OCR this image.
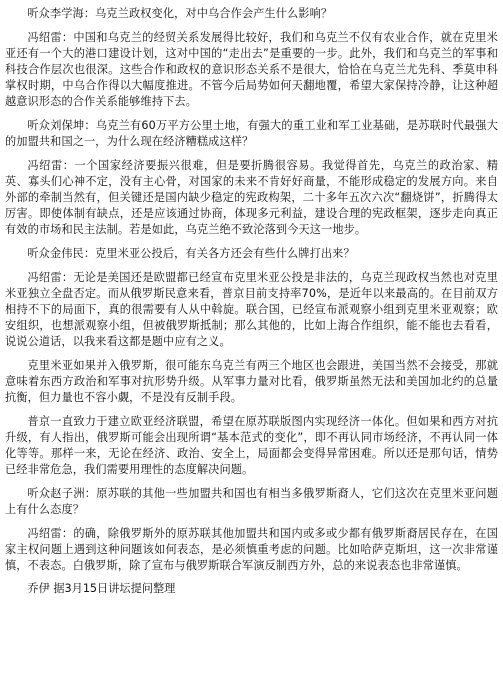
听众李学海：乌克兰政权变化，对中乌合作会产生什么影响？

冯绍雷：中国和乌克兰的经贸关系发展得比较好，我们和乌克兰不仅有农业合作，就在克里米亚还有一个大的港口建设计划，这对中国的“走出去”是重要的一步。此外，我们和乌克兰的军事和科技合作层次也很深。这些合作和政权的意识形态关系不是很大，恰恰在乌克兰尤先科、季莫申科掌权时期，中乌合作得以大幅度推进。不管今后局势如何天翻地覆，希望大家保持冷静，让这种超越意识形态的合作关系能够维持下去。

听众刘保坤：乌克兰有60万平方公里土地，有强大的重工业和军工业基础，是苏联时代最强大的加盟共和国之一，为什么现在经济糟糕成这样？

冯绍雷：一个国家经济要振兴很难，但是要折腾很容易。我觉得首先，乌克兰的政治家、精英、寡头们心神不定，没有主心骨，对国家的未来不肯好好商量，不能形成稳定的发展方向。来自外部的牵制当然有，但关键还是国内缺少稳定的宪政构架，二十多年五次六次“翻烧饼”，折腾得太厉害。即使体制有缺点，还是应该通过协商，体现多元利益，建设合理的宪政框架，逐步走向真正有效的市场和民主法制。若是如此，乌克兰绝不致沦落到今天这一地步。

听众金伟民：克里米亚公投后，有关各方还会有些什么牌打出来？

冯绍雷：无论是美国还是欧盟都已经宣布克里米亚公投是非法的，乌克兰现政权当然也对克里米亚独立全盘否定。而从俄罗斯民意来看，普京目前支持率70%，是近年以来最高的。在目前双方相持不下的局面下，真的很需要有人从中斡旋。联合国，已经宣布派观察小组到克里米亚观察；欧安组织，也想派观察小组，但被俄罗斯抵制；那么其他的，比如上海合作组织，能不能也去看看，说说公道话，以我来看这都是题中应有之义。

克里米亚如果并入俄罗斯，很可能东乌克兰有两三个地区也会跟进，美国当然不会接受，那就意味着东西方政治和军事对抗形势升级。从军事力量对比看，俄罗斯虽然无法和美国加北约的总量抗衡，但力量也不容小觑，不是没有反制手段。

普京一直致力于建立欧亚经济联盟，希望在原苏联版图内实现经济一体化。但如果和西方对抗升级，有人指出，俄罗斯可能会出现所谓“基本范式的变化”，即不再认同市场经济，不再认同一体化等等。那样一来，无论在经济、政治、安全上，局面都会变得异常困难。所以还是那句话，情势已经非常危急，我们需要用理性的态度解决问题。

听众赵子洲：原苏联的其他一些加盟共和国也有相当多俄罗斯裔人，它们这次在克里米亚问题上有什么态度？

冯绍雷：的确，除俄罗斯外的原苏联其他加盟共和国内或多或少都有俄罗斯裔居民存在，在国家主权问题上遇到这种问题该如何表态，是必须慎重考虑的问题。比如哈萨克斯坦，这一次非常谨慎，不表态。白俄罗斯，除了宣布与俄罗斯联合军演反制西方外，总的来说表态也非常谨慎。

乔伊 据3月15日讲坛提问整理
